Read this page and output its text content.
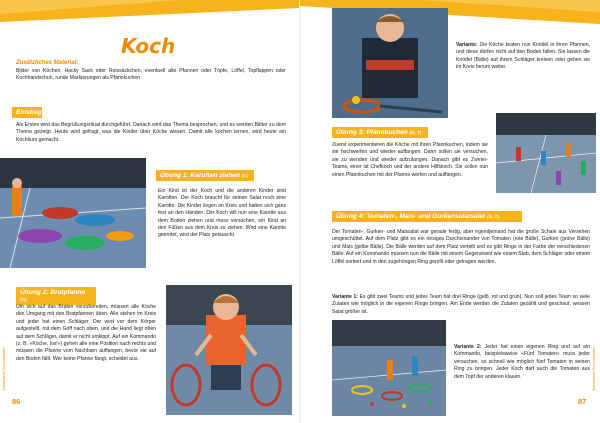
Koch
Zusätzliches Material:
Bilder von Köchen, Hacky Sack oder Reissäckchen, eventuell alte Pfannen oder Töpfe, Löffel, Topflappen oder Kochhandschuh, runde Markierungen als Pfannkuchen
Einstieg
Als Erstes wird das Begrüßungsritual durchgeführt. Danach wird das Thema besprochen, und es werden Bilder zu dem Thema gezeigt. Heute wird gefragt, was die Kinder über Köche wissen. Damit alle kochen lernen, wird heute ein Kochkurs gemacht.
Übung 1: Karotten ziehen (G)
Ein Kind ist der Koch und die anderen Kinder sind Karotten. Der Koch braucht für seinen Salat noch eine Karotte. Die Kinder liegen im Kreis und halten sich ganz fest an den Händen. Der Koch will nun eine Karotte aus dem Boden ziehen und muss versuchen, ein Kind an den Füßen aus dem Kreis zu ziehen. Wird eine Karotte geerntet, wird der Platz getauscht.
Übung 2: Bratpfanne (G)
Um sich auf das Braten vorzubereiten, müssen alle Köche den Umgang mit den Bratpfannen üben. Alle stehen im Kreis und jeder hat einen Schläger. Der wird vor dem Körper aufgestellt, mit dem Griff nach oben, und die Hand liegt oben auf dem Schläger, damit er nicht umkippt. Auf ein Kommando (z. B. «Köche, los!») gehen alle eine Position nach rechts und müssen die Pfanne vom Nachbarn auffangen, bevor sie auf den Boden fällt. Wer keine Pfanne fängt, scheidet aus.
Kaiserweek Tennisstunden
86
Variante: Die Köche braten nun Knödel in ihren Pfannen, und diese dürfen nicht auf den Boden fallen. Sie lassen die Knödel (Bälle) auf ihrem Schläger kreisen oder geben sie im Kreis herum weiter.
Übung 3: Pfannkuchen (G, T)
Zuerst experimentieren die Köche mit ihren Pfannkuchen, indem sie sie hochwerfen und wieder auffangen. Dann sollen sie versuchen, sie zu wenden und wieder aufzufangen. Danach gibt es Zweier-Teams, einer ist Chefkoch und der andere Hilfskoch. Sie sollen nun einen Pfannkuchen mit der Pfanne werfen und auffangen.
Übung 4: Tomaten-, Mais- und Gurkensalatsalat (G, T)
Der Tomaten-, Gurken- und Maissalat war gerade fertig, aber irgendjemand hat die große Schale aus Versehen umgeschüttet. Auf dem Platz gibt es ein riesiges Durcheinander von Tomaten (rote Bälle), Gurken (grüne Bälle) und Mais (gelbe Bälle). Die Bälle werden auf dem Platz verteilt und es gibt Ringe in der Farbe der verschiedenen Bälle. Auf ein Kommando müssen nun die Bälle mit einem Gegenstand wie einem Stab, dem Schläger oder einem Löffel sortiert und in den zugehörigen Ring gerollt oder getragen werden.
Variante 1: Es gibt zwei Teams und jedes Team hat drei Ringe (gelb, rot und grün). Nun soll jedes Team so viele Zutaten wie möglich in die eigenen Ringe bringen. Am Ende werden die Zutaten gezählt und geschaut, wessen Salat größer ist.
Variante 2: Jeder hat einen eigenen Ring und auf ein Kommando, beispielsweise «Fünf Tomaten» muss jeder versuchen, so schnell wie möglich fünf Tomaten in seinen Ring zu bringen. Jeder Koch darf auch die Tomaten aus dem Topf der anderen klauen.	Kaiserweek Tennisstunden
87
